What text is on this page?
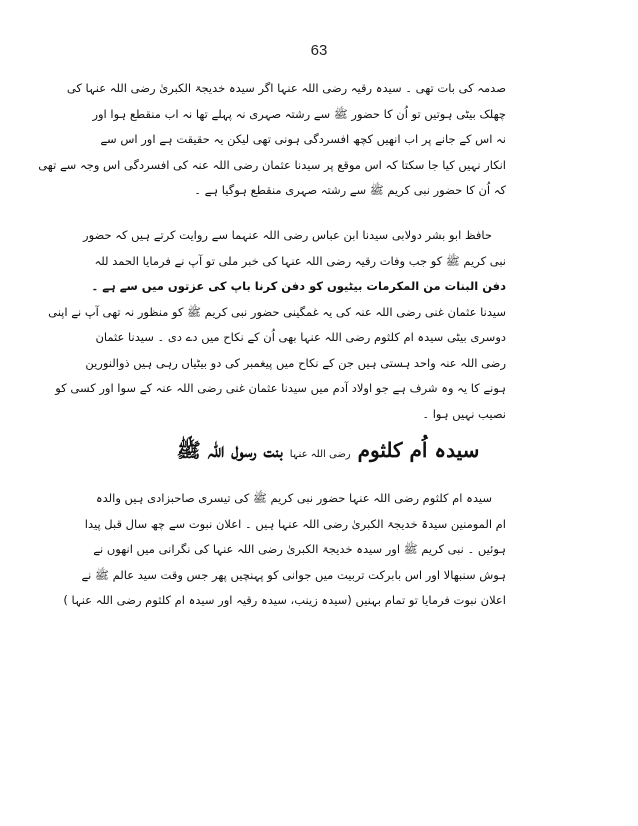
63

صدمہ کی بات تھی ۔ سیدہ رقیہ رضی اللہ عنہا اگر سیدہ خدیجۃ الکبریٰ رضی اللہ عنہا کی

چھلک بیٹی ہوتیں تو اُن کا حضور ﷺ سے رشتہ صہری نہ پہلے تھا نہ اب منقطع ہوا اور

نہ اس کے جانے پر اب انھیں کچھ افسردگی ہونی تھی لیکن یہ حقیقت ہے اور اس سے

انکار نہیں کیا جا سکتا کہ اس موقع پر سیدنا عثمان رضی اللہ عنہ کی افسردگی اس وجہ سے تھی

کہ اُن کا حضور نبی کریم ﷺ سے رشتہ صہری منقطع ہوگیا ہے ۔

حافظ ابو بشر دولابی سیدنا ابن عباس رضی اللہ عنہما سے روایت کرتے ہیں کہ حضور

نبی کریم ﷺ کو جب وفات رقیہ رضی اللہ عنہا کی خبر ملی تو آپ نے فرمایا الحمد للہ

دفن البنات من المکرمات بیٹیوں کو دفن کرنا باپ کی عزتوں میں سے ہے ۔

سیدنا عثمان غنی رضی اللہ عنہ کی یہ غمگینی حضور نبی کریم ﷺ کو منظور نہ تھی آپ نے اپنی

دوسری بیٹی سیدہ ام کلثوم رضی اللہ عنہا بھی اُن کے نکاح میں دے دی ۔ سیدنا عثمان

رضی اللہ عنہ واحد ہستی ہیں جن کے نکاح میں پیغمبر کی دو بیٹیاں رہی ہیں ذوالنورین

ہونے کا یہ وہ شرف ہے جو اولاد آدم میں سیدنا عثمان غنی رضی اللہ عنہ کے سوا اور کسی کو

نصیب نہیں ہوا ۔

سیدہ اُم کلثوم رضی اللہ عنہا بنت رسول اللہ ﷺ

سیدہ ام کلثوم رضی اللہ عنہا حضور نبی کریم ﷺ کی تیسری صاحبزادی ہیں والدہ

ام المومنین سیدۃ خدیجۃ الکبریٰ رضی اللہ عنہا ہیں ۔ اعلان نبوت سے چھ سال قبل پیدا

ہوئیں ۔ نبی کریم ﷺ اور سیدہ خدیجۃ الکبریٰ رضی اللہ عنہا کی نگرانی میں انھوں نے

ہوش سنبھالا اور اس بابرکت تربیت میں جوانی کو پہنچیں پھر جس وقت سید عالم ﷺ نے

اعلان نبوت فرمایا تو تمام بہنیں (سیدہ زینب، سیدہ رقیہ اور سیدہ ام کلثوم رضی اللہ عنہا )
